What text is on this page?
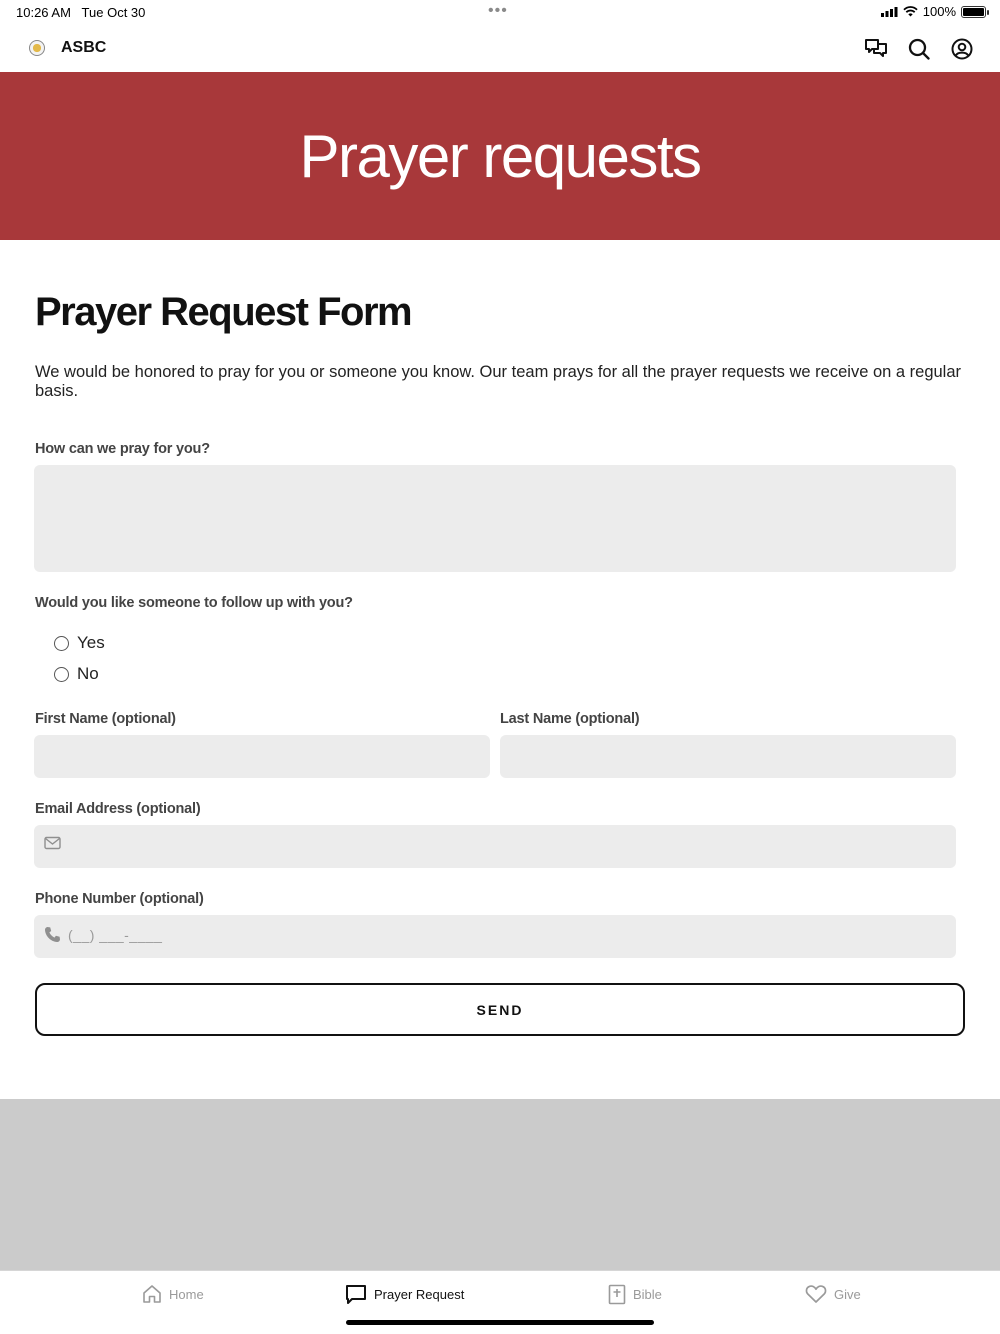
10:26 AM Tue Oct 30	•••	100%
ASBC
Prayer requests
Prayer Request Form
We would be honored to pray for you or someone you know. Our team prays for all the prayer requests we receive on a regular basis.
How can we pray for you?
Would you like someone to follow up with you?
Yes
No
First Name (optional)	Last Name (optional)
Email Address (optional)
Phone Number (optional)
(__) ___-____
SEND
Home	Prayer Request	Bible	Give
